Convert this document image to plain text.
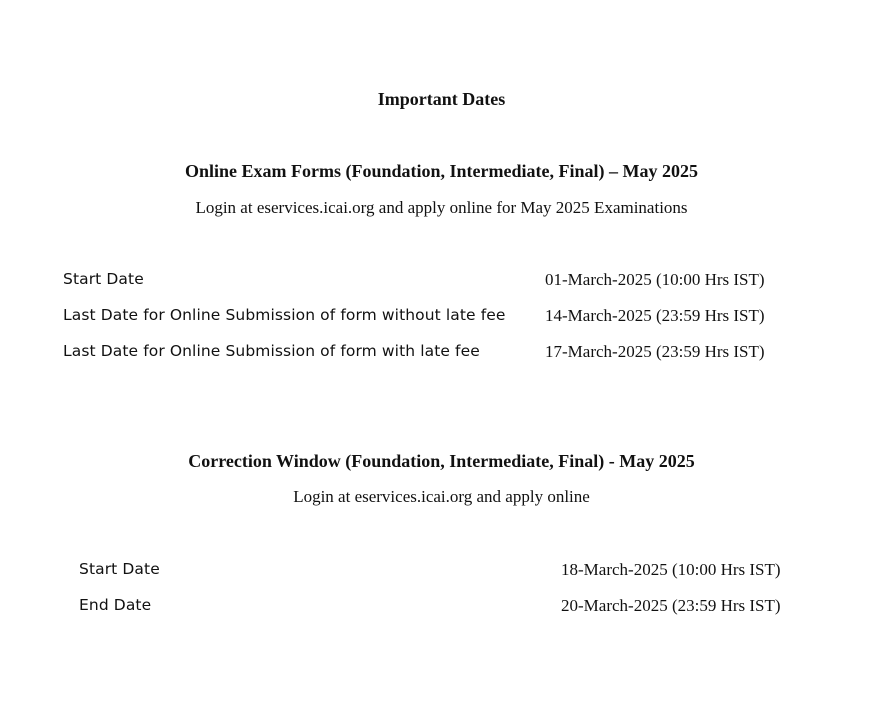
Important Dates
Online Exam Forms (Foundation, Intermediate, Final) – May 2025
Login at eservices.icai.org and apply online for May 2025 Examinations
Start Date	01-March-2025 (10:00 Hrs IST)
Last Date for Online Submission of form without late fee 14-March-2025 (23:59 Hrs IST)
Last Date for Online Submission of form with late fee	17-March-2025 (23:59 Hrs IST)
Correction Window (Foundation, Intermediate, Final) - May 2025
Login at eservices.icai.org and apply online
Start Date	18-March-2025 (10:00 Hrs IST)
End Date	20-March-2025 (23:59 Hrs IST)
